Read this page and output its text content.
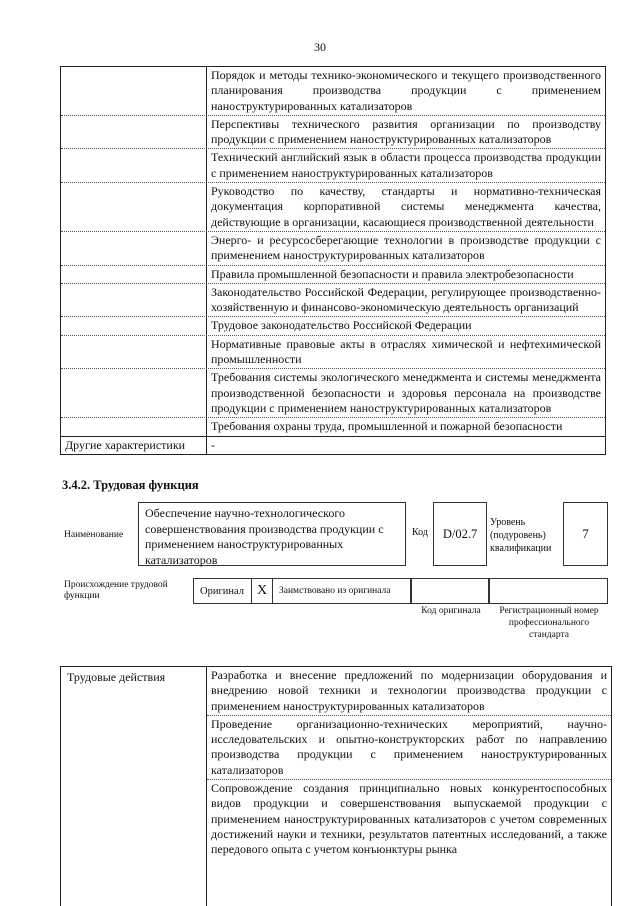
30
Порядок и методы технико-экономического и текущего производственного планирования производства продукции с применением наноструктурированных катализаторов
Перспективы технического развития организации по производству продукции с применением наноструктурированных катализаторов
Технический английский язык в области процесса производства продукции с применением наноструктурированных катализаторов
Руководство по качеству, стандарты и нормативно-техническая документация корпоративной системы менеджмента качества, действующие в организации, касающиеся производственной деятельности
Энерго- и ресурсосберегающие технологии в производстве продукции с применением наноструктурированных катализаторов
Правила промышленной безопасности и правила электробезопасности
Законодательство Российской Федерации, регулирующее производственно-хозяйственную и финансово-экономическую деятельность организаций
Трудовое законодательство Российской Федерации
Нормативные правовые акты в отраслях химической и нефтехимической промышленности
Требования системы экологического менеджмента и системы менеджмента производственной безопасности и здоровья персонала на производстве продукции с применением наноструктурированных катализаторов
Требования охраны труда, промышленной и пожарной безопасности
Другие характеристики	-
3.4.2. Трудовая функция
Наименование
Обеспечение научно-технологического совершенствования производства продукции с применением наноструктурированных катализаторов
Код	D/02.7
Уровень (подуровень) квалификации
7
Происхождение трудовой функции	Оригинал X	Заимствовано из оригинала
Код оригинала	Регистрационный номер профессионального стандарта
Трудовые действия	Разработка и внесение предложений по модернизации оборудования и внедрению новой техники и технологии производства продукции с применением наноструктурированных катализаторов
Проведение организационно-технических мероприятий, научно-исследовательских и опытно-конструкторских работ по направлению производства продукции с применением наноструктурированных катализаторов
Сопровождение создания принципиально новых конкурентоспособных видов продукции и совершенствования выпускаемой продукции с применением наноструктурированных катализаторов с учетом современных достижений науки и техники, результатов патентных исследований, а также передового опыта с учетом конъюнктуры рынка
